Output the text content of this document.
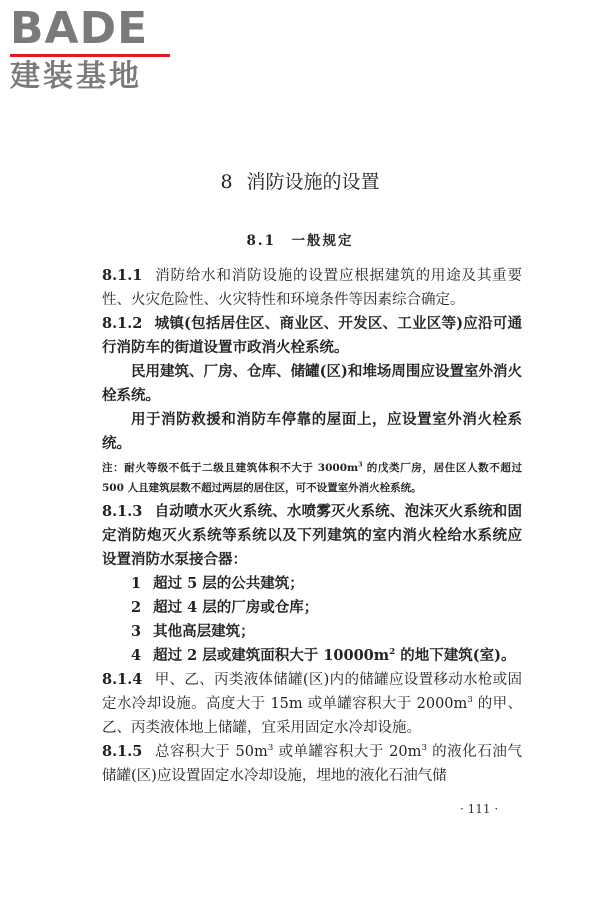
BADE
建装基地
8 消防设施的设置
8.1　一般规定

8.1.1 消防给水和消防设施的设置应根据建筑的用途及其重要性、火灾危险性、火灾特性和环境条件等因素综合确定。

8.1.2 城镇(包括居住区、商业区、开发区、工业区等)应沿可通行消防车的街道设置市政消火栓系统。

民用建筑、厂房、仓库、储罐(区)和堆场周围应设置室外消火栓系统。

用于消防救援和消防车停靠的屋面上，应设置室外消火栓系统。

注：耐火等级不低于二级且建筑体积不大于 $3000m^3$ 的戊类厂房，居住区人数不超过 500 人且建筑层数不超过两层的居住区，可不设置室外消火栓系统。

8.1.3 自动喷水灭火系统、水喷雾灭火系统、泡沫灭火系统和固定消防炮灭火系统等系统以及下列建筑的室内消火栓给水系统应设置消防水泵接合器：

1 超过 5 层的公共建筑；

2 超过 4 层的厂房或仓库；

3 其他高层建筑；

4 超过 2 层或建筑面积大于 $10000m^2$ 的地下建筑(室)。

8.1.4 甲、乙、丙类液体储罐(区)内的储罐应设置移动水枪或固定水冷却设施。高度大于 15m 或单罐容积大于 $2000m^3$ 的甲、乙、丙类液体地上储罐，宜采用固定水冷却设施。

8.1.5 总容积大于 $50m^3$ 或单罐容积大于 $20m^3$ 的液化石油气储罐(区)应设置固定水冷却设施，埋地的液化石油气储

· 111 ·
